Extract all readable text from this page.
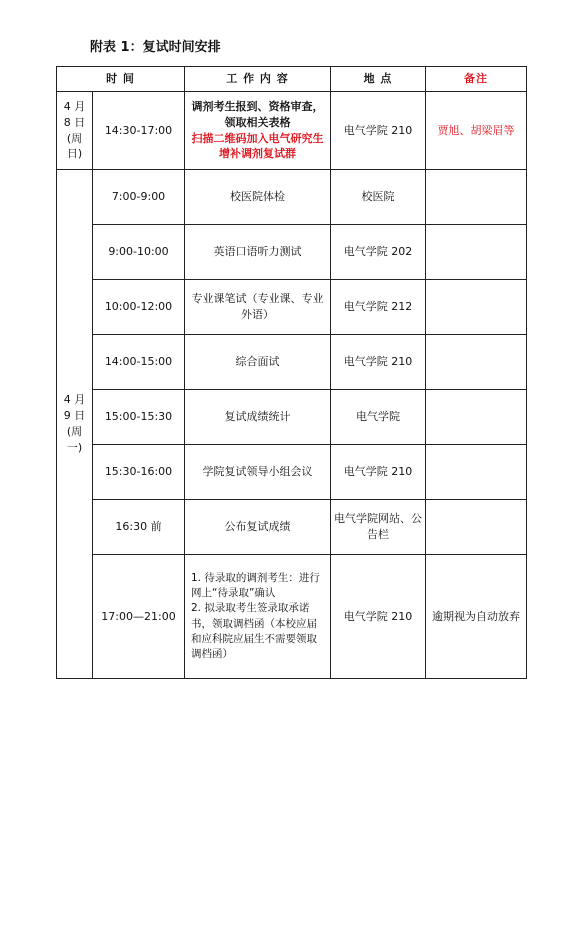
附表 1：复试时间安排
时 间		工 作 内 容	地 点	备注
4 月
8 日
(周日)	14:30-17:00	调剂考生报到、资格审查，领取相关表格
扫描二维码加入电气研究生增补调剂复试群	电气学院 210	贾旭、胡梁眉等
4 月
9 日
(周一)	7:00-9:00	校医院体检	校医院	
	9:00-10:00	英语口语听力测试	电气学院 202	
	10:00-12:00	专业课笔试（专业课、专业外语）	电气学院 212	
	14:00-15:00	综合面试	电气学院 210	
	15:00-15:30	复试成绩统计	电气学院	
	15:30-16:00	学院复试领导小组会议	电气学院 210	
	16:30 前	公布复试成绩	电气学院网站、公告栏	
	17:00—21:00	1. 待录取的调剂考生：进行网上“待录取”确认
2. 拟录取考生签录取承诺书，领取调档函（本校应届和应科院应届生不需要领取调档函）	电气学院 210	逾期视为自动放弃
